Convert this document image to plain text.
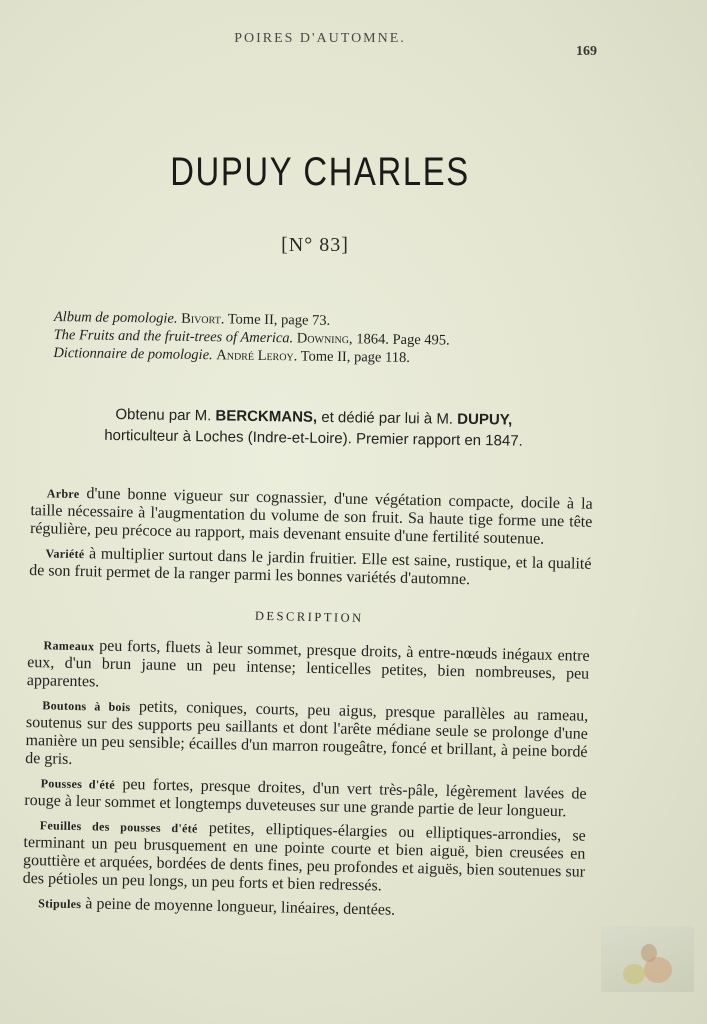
POIRES D'AUTOMNE.
169
DUPUY CHARLES
[N° 83]
Album de pomologie. Bivort. Tome II, page 73.
The Fruits and the fruit-trees of America. Downing, 1864. Page 495.
Dictionnaire de pomologie. André Leroy. Tome II, page 118.
Obtenu par M. BERCKMANS, et dédié par lui à M. DUPUY,
horticulteur à Loches (Indre-et-Loire). Premier rapport en 1847.

Arbre d'une bonne vigueur sur cognassier, d'une végétation compacte, docile à la taille nécessaire à l'augmentation du volume de son fruit. Sa haute tige forme une tête régulière, peu précoce au rapport, mais devenant ensuite d'une fertilité soutenue.

Variété à multiplier surtout dans le jardin fruitier. Elle est saine, rustique, et la qualité de son fruit permet de la ranger parmi les bonnes variétés d'automne.

DESCRIPTION

Rameaux peu forts, fluets à leur sommet, presque droits, à entre-nœuds inégaux entre eux, d'un brun jaune un peu intense; lenticelles petites, bien nombreuses, peu apparentes.

Boutons à bois petits, coniques, courts, peu aigus, presque parallèles au rameau, soutenus sur des supports peu saillants et dont l'arête médiane seule se prolonge d'une manière un peu sensible; écailles d'un marron rougeâtre, foncé et brillant, à peine bordé de gris.

Pousses d'été peu fortes, presque droites, d'un vert très-pâle, légèrement lavées de rouge à leur sommet et longtemps duveteuses sur une grande partie de leur longueur.

Feuilles des pousses d'été petites, elliptiques-élargies ou elliptiques-arrondies, se terminant un peu brusquement en une pointe courte et bien aiguë, bien creusées en gouttière et arquées, bordées de dents fines, peu profondes et aiguës, bien soutenues sur des pétioles un peu longs, un peu forts et bien redressés.

Stipules à peine de moyenne longueur, linéaires, dentées.
